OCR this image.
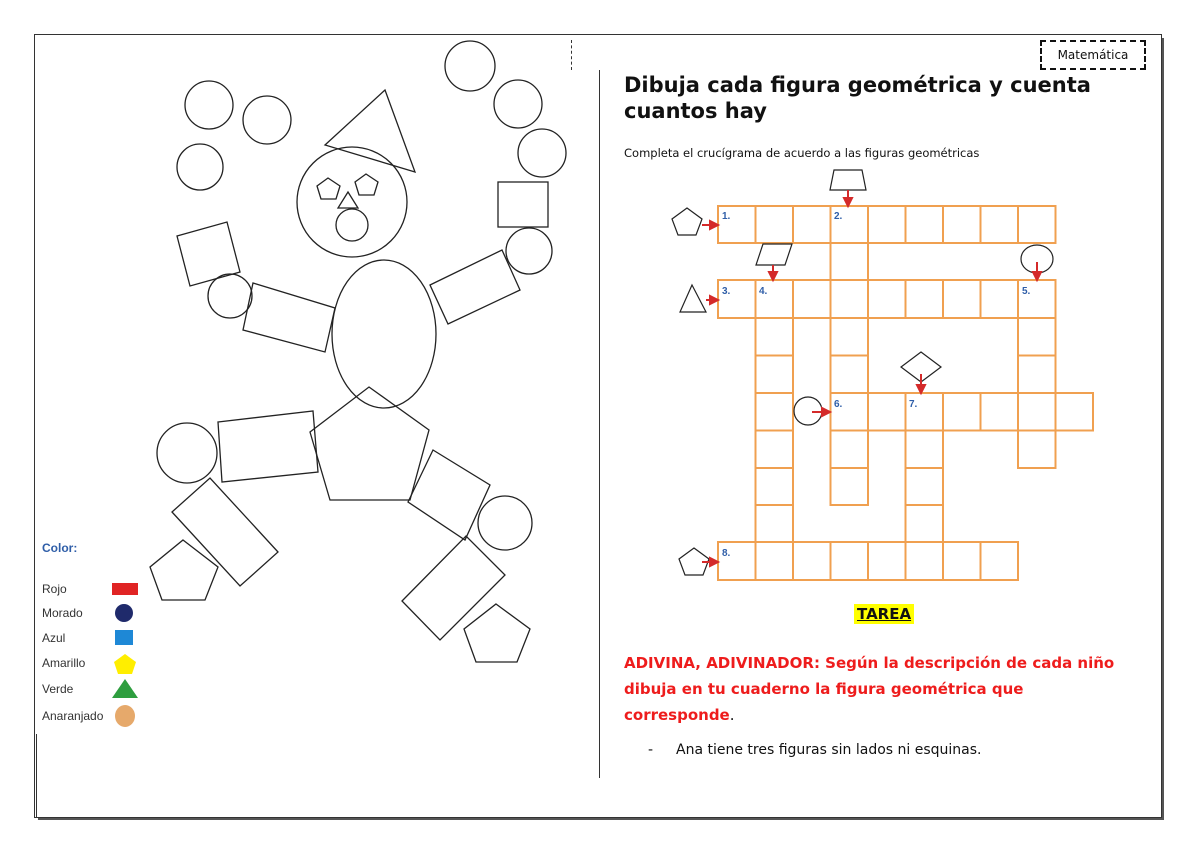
Matemática
Dibuja cada figura geométrica y cuenta cuantos hay
Completa el crucígrama de acuerdo a las figuras geométricas
1.	2.
3.	4.	5.
6.	7.
8.
Color:
Rojo
Morado
Azul
Amarillo
Verde
Anaranjado
TAREA

ADIVINA, ADIVINADOR: Según la descripción de cada niño dibuja en tu cuaderno la figura geométrica que corresponde.

- Ana tiene tres figuras sin lados ni esquinas.
